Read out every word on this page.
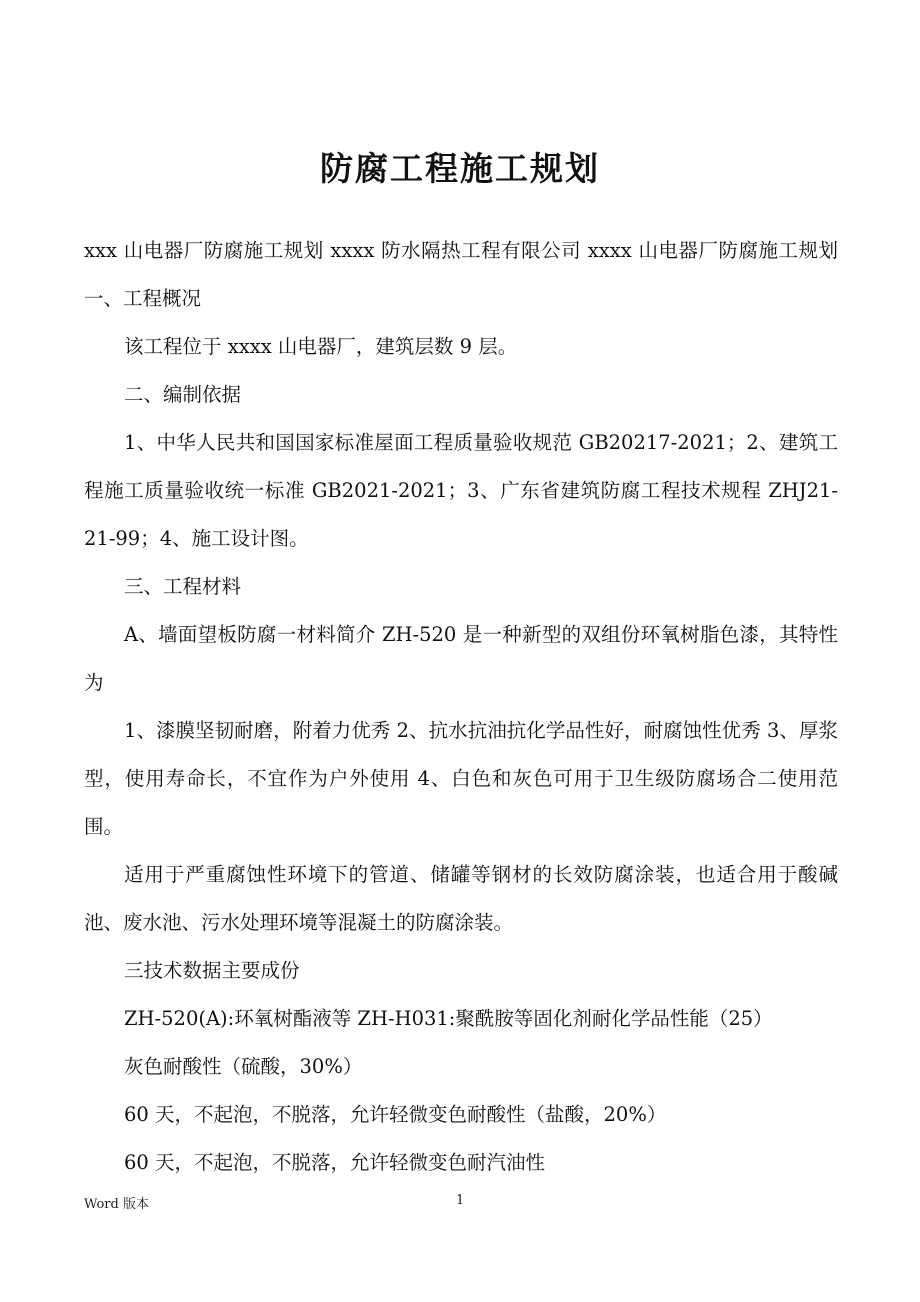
防腐工程施工规划

xxx 山电器厂防腐施工规划 xxxx 防水隔热工程有限公司 xxxx 山电器厂防腐施工规划一、工程概况

该工程位于 xxxx 山电器厂，建筑层数 9 层。

二、编制依据

1、中华人民共和国国家标准屋面工程质量验收规范 GB20217-2021；2、建筑工程施工质量验收统一标准 GB2021-2021；3、广东省建筑防腐工程技术规程 ZHJ21-21-99；4、施工设计图。

三、工程材料

A、墙面望板防腐一材料简介 ZH-520 是一种新型的双组份环氧树脂色漆，其特性为

1、漆膜坚韧耐磨，附着力优秀 2、抗水抗油抗化学品性好，耐腐蚀性优秀 3、厚浆型，使用寿命长，不宜作为户外使用 4、白色和灰色可用于卫生级防腐场合二使用范围。

适用于严重腐蚀性环境下的管道、储罐等钢材的长效防腐涂装，也适合用于酸碱池、废水池、污水处理环境等混凝土的防腐涂装。

三技术数据主要成份

ZH-520(A):环氧树酯液等 ZH-H031:聚酰胺等固化剂耐化学品性能（25）

灰色耐酸性（硫酸，30%）

60 天，不起泡，不脱落，允许轻微变色耐酸性（盐酸，20%）

60 天，不起泡，不脱落，允许轻微变色耐汽油性

Word 版本	1
